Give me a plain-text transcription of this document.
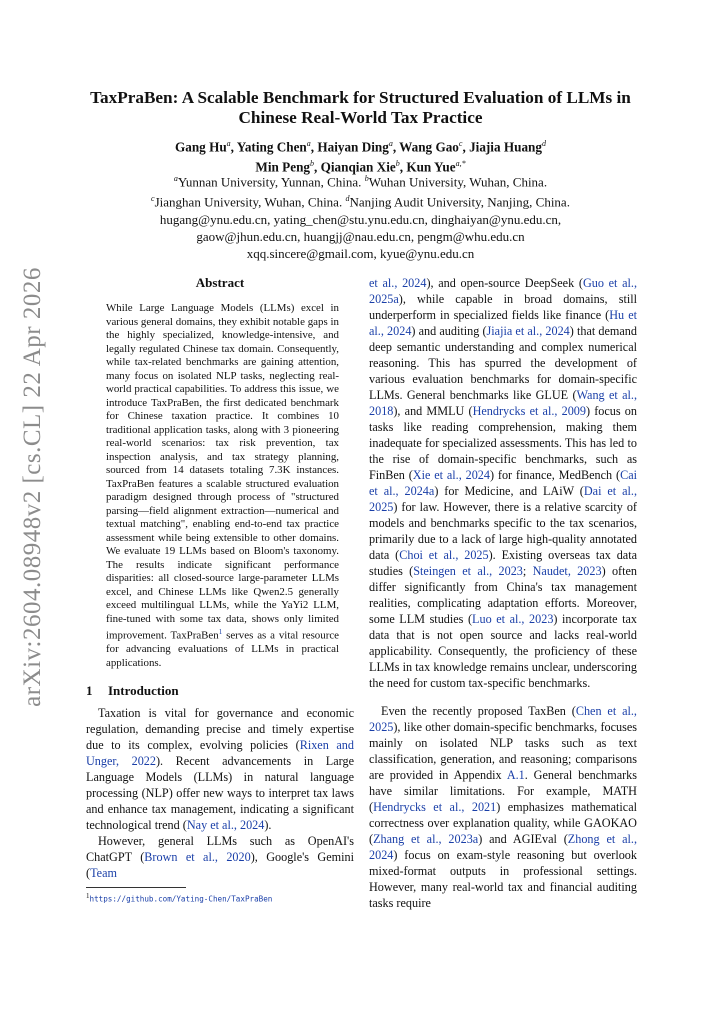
arXiv:2604.08948v2 [cs.CL] 22 Apr 2026
TaxPraBen: A Scalable Benchmark for Structured Evaluation of LLMs in Chinese Real-World Tax Practice
Gang Hu$^a$, Yating Chen$^a$, Haiyan Ding$^a$, Wang Gao$^c$, Jiajia Huang$^d$
Min Peng$^b$, Qianqian Xie$^b$, Kun Yue$^{a,*}$
$^a$Yunnan University, Yunnan, China. $^b$Wuhan University, Wuhan, China.
$^c$Jianghan University, Wuhan, China. $^d$Nanjing Audit University, Nanjing, China.
hugang@ynu.edu.cn, yating_chen@stu.ynu.edu.cn, dinghaiyan@ynu.edu.cn,
gaow@jhun.edu.cn, huangjj@nau.edu.cn, pengm@whu.edu.cn
xqq.sincere@gmail.com, kyue@ynu.edu.cn
Abstract
While Large Language Models (LLMs) excel in various general domains, they exhibit notable gaps in the highly specialized, knowledge-intensive, and legally regulated Chinese tax domain. Consequently, while tax-related benchmarks are gaining attention, many focus on isolated NLP tasks, neglecting real-world practical capabilities. To address this issue, we introduce TaxPraBen, the first dedicated benchmark for Chinese taxation practice. It combines 10 traditional application tasks, along with 3 pioneering real-world scenarios: tax risk prevention, tax inspection analysis, and tax strategy planning, sourced from 14 datasets totaling 7.3K instances. TaxPraBen features a scalable structured evaluation paradigm designed through process of "structured parsing—field alignment extraction—numerical and textual matching", enabling end-to-end tax practice assessment while being extensible to other domains. We evaluate 19 LLMs based on Bloom's taxonomy. The results indicate significant performance disparities: all closed-source large-parameter LLMs excel, and Chinese LLMs like Qwen2.5 generally exceed multilingual LLMs, while the YaYi2 LLM, fine-tuned with some tax data, shows only limited improvement. TaxPraBen$^1$ serves as a vital resource for advancing evaluations of LLMs in practical applications.
1 Introduction

Taxation is vital for governance and economic regulation, demanding precise and timely expertise due to its complex, evolving policies (Rixen and Unger, 2022). Recent advancements in Large Language Models (LLMs) in natural language processing (NLP) offer new ways to interpret tax laws and enhance tax management, indicating a significant technological trend (Nay et al., 2024).

However, general LLMs such as OpenAI's ChatGPT (Brown et al., 2020), Google's Gemini (Team

$^1$https://github.com/Yating-Chen/TaxPraBen

et al., 2024), and open-source DeepSeek (Guo et al., 2025a), while capable in broad domains, still underperform in specialized fields like finance (Hu et al., 2024) and auditing (Jiajia et al., 2024) that demand deep semantic understanding and complex numerical reasoning. This has spurred the development of various evaluation benchmarks for domain-specific LLMs. General benchmarks like GLUE (Wang et al., 2018), and MMLU (Hendrycks et al., 2009) focus on tasks like reading comprehension, making them inadequate for specialized assessments. This has led to the rise of domain-specific benchmarks, such as FinBen (Xie et al., 2024) for finance, MedBench (Cai et al., 2024a) for Medicine, and LAiW (Dai et al., 2025) for law. However, there is a relative scarcity of models and benchmarks specific to the tax scenarios, primarily due to a lack of large high-quality annotated data (Choi et al., 2025). Existing overseas tax data studies (Steingen et al., 2023; Naudet, 2023) often differ significantly from China's tax management realities, complicating adaptation efforts. Moreover, some LLM studies (Luo et al., 2023) incorporate tax data that is not open source and lacks real-world applicability. Consequently, the proficiency of these LLMs in tax knowledge remains unclear, underscoring the need for custom tax-specific benchmarks.

Even the recently proposed TaxBen (Chen et al., 2025), like other domain-specific benchmarks, focuses mainly on isolated NLP tasks such as text classification, generation, and reasoning; comparisons are provided in Appendix A.1. General benchmarks have similar limitations. For example, MATH (Hendrycks et al., 2021) emphasizes mathematical correctness over explanation quality, while GAOKAO (Zhang et al., 2023a) and AGIEval (Zhong et al., 2024) focus on exam-style reasoning but overlook mixed-format outputs in professional settings. However, many real-world tax and financial auditing tasks require
